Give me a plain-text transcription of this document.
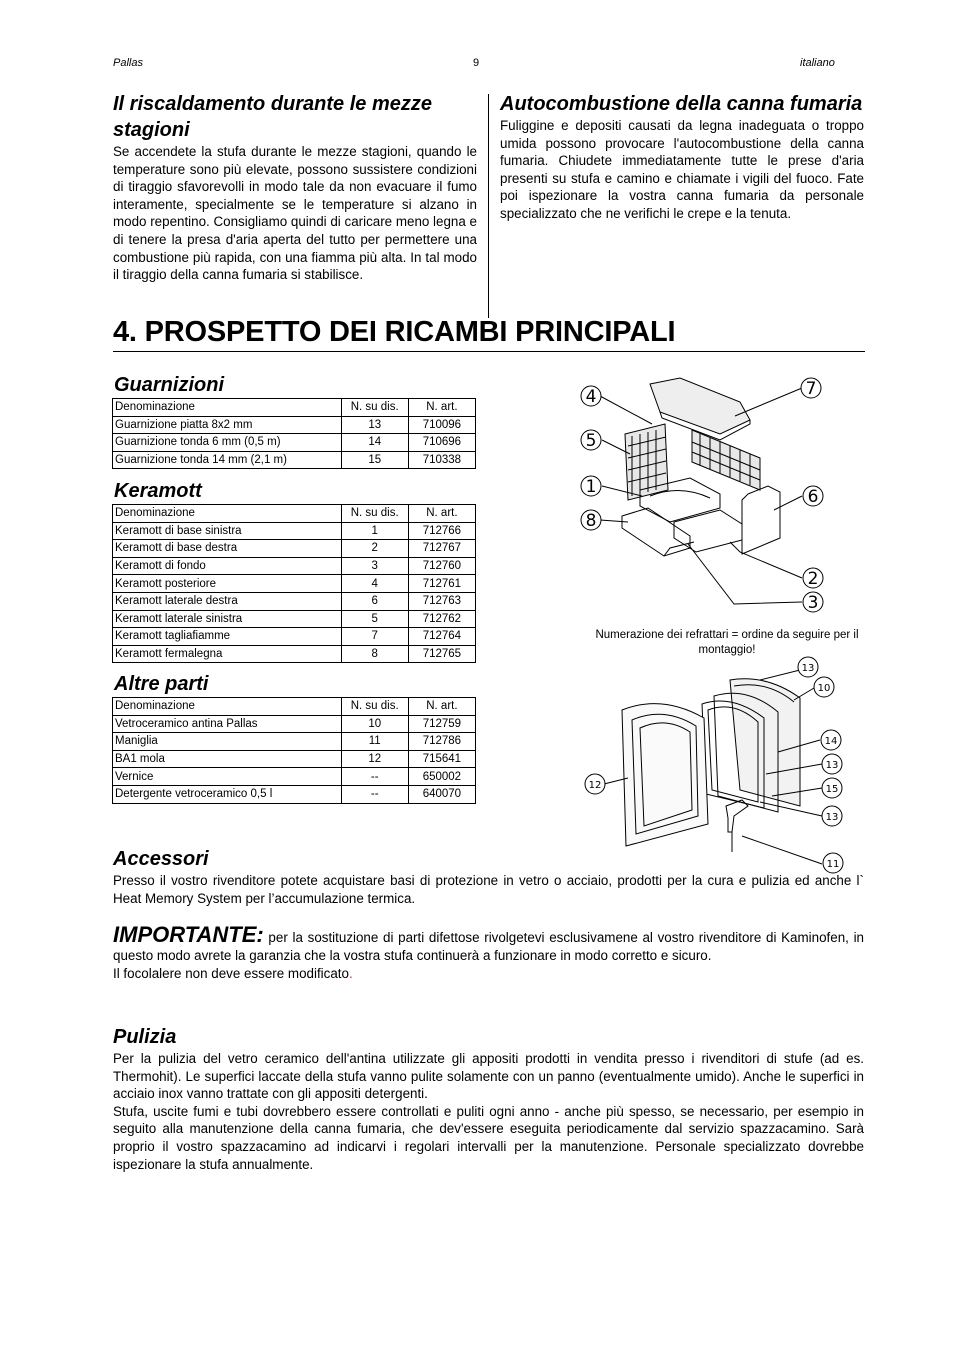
Pallas	9	italiano
Il riscaldamento durante le mezze stagioni

Se accendete la stufa durante le mezze stagioni, quando le temperature sono più elevate, possono sussistere condizioni di tiraggio sfavorevolli in modo tale da non evacuare il fumo interamente, specialmente se le temperature si alzano in modo repentino. Consigliamo quindi di caricare meno legna e di tenere la presa d'aria aperta del tutto per permettere una combustione più rapida, con una fiamma più alta. In tal modo il tiraggio della canna fumaria si stabilisce.

Autocombustione della canna fumaria

Fuliggine e depositi causati da legna inadeguata o troppo umida possono provocare l'autocombustione della canna fumaria. Chiudete immediatamente tutte le prese d'aria presenti su stufa e camino e chiamate i vigili del fuoco. Fate poi ispezionare la vostra canna fumaria da personale specializzato che ne verifichi le crepe e la tenuta.

4. PROSPETTO DEI RICAMBI PRINCIPALI
Guarnizioni
Denominazione	N. su dis.	N. art.
Guarnizione piatta 8x2 mm	13	710096
Guarnizione tonda 6 mm (0,5 m)	14	710696
Guarnizione tonda 14 mm (2,1 m)	15	710338
Keramott
Denominazione	N. su dis.	N. art.
Keramott di base sinistra	1	712766
Keramott di base destra	2	712767
Keramott di fondo	3	712760
Keramott posteriore	4	712761
Keramott laterale destra	6	712763
Keramott laterale sinistra	5	712762
Keramott tagliafiamme	7	712764
Keramott fermalegna	8	712765
Altre parti
Denominazione	N. su dis.	N. art.
Vetroceramico antina Pallas	10	712759
Maniglia	11	712786
BA1 mola	12	715641
Vernice	--	650002
Detergente vetroceramico 0,5 l	--	640070
4	7
5
1	6
8
2
3
Numerazione dei refrattari = ordine da seguire per il montaggio!
13
10
14
13
15
13
12
11
Accessori

Presso il vostro rivenditore potete acquistare basi di protezione in vetro o acciaio, prodotti per la cura e pulizia ed anche l` Heat Memory System per l’accumulazione termica.

IMPORTANTE: per la sostituzione di parti difettose rivolgetevi esclusivamene al vostro rivenditore di Kaminofen, in questo modo avrete la garanzia che la vostra stufa continuerà a funzionare in modo corretto e sicuro.

Il focolalere non deve essere modificato.

Pulizia

Per la pulizia del vetro ceramico dell'antina utilizzate gli appositi prodotti in vendita presso i rivenditori di stufe (ad es. Thermohit). Le superfici laccate della stufa vanno pulite solamente con un panno (eventualmente umido). Anche le superfici in acciaio inox vanno trattate con gli appositi detergenti.

Stufa, uscite fumi e tubi dovrebbero essere controllati e puliti ogni anno - anche più spesso, se necessario, per esempio in seguito alla manutenzione della canna fumaria, che dev'essere eseguita periodicamente dal servizio spazzacamino. Sarà proprio il vostro spazzacamino ad indicarvi i regolari intervalli per la manutenzione. Personale specializzato dovrebbe ispezionare la stufa annualmente.
